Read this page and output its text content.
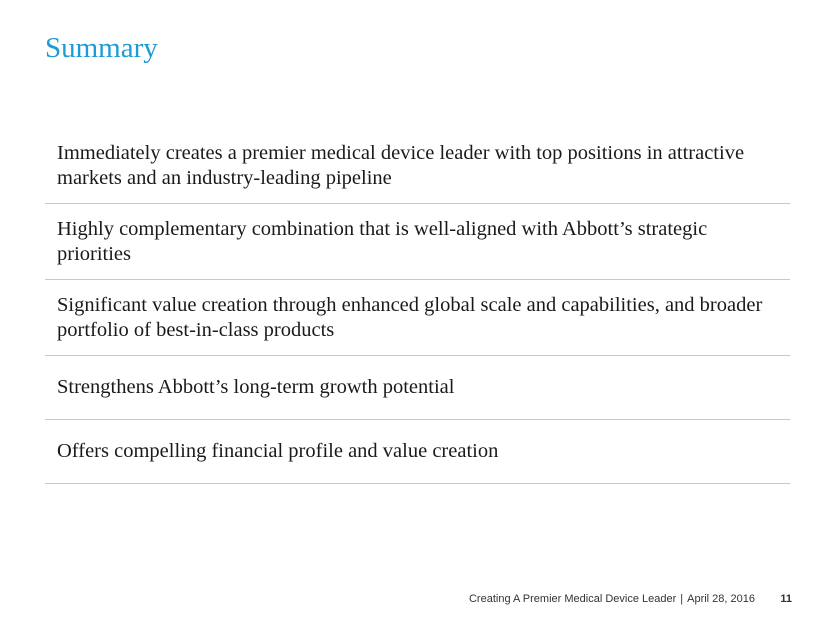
Summary
Immediately creates a premier medical device leader with top positions in attractive markets and an industry-leading pipeline
Highly complementary combination that is well-aligned with Abbott’s strategic priorities
Significant value creation through enhanced global scale and capabilities, and broader portfolio of best-in-class products
Strengthens Abbott’s long-term growth potential
Offers compelling financial profile and value creation
Creating A Premier Medical Device Leader | April 28, 2016 11
